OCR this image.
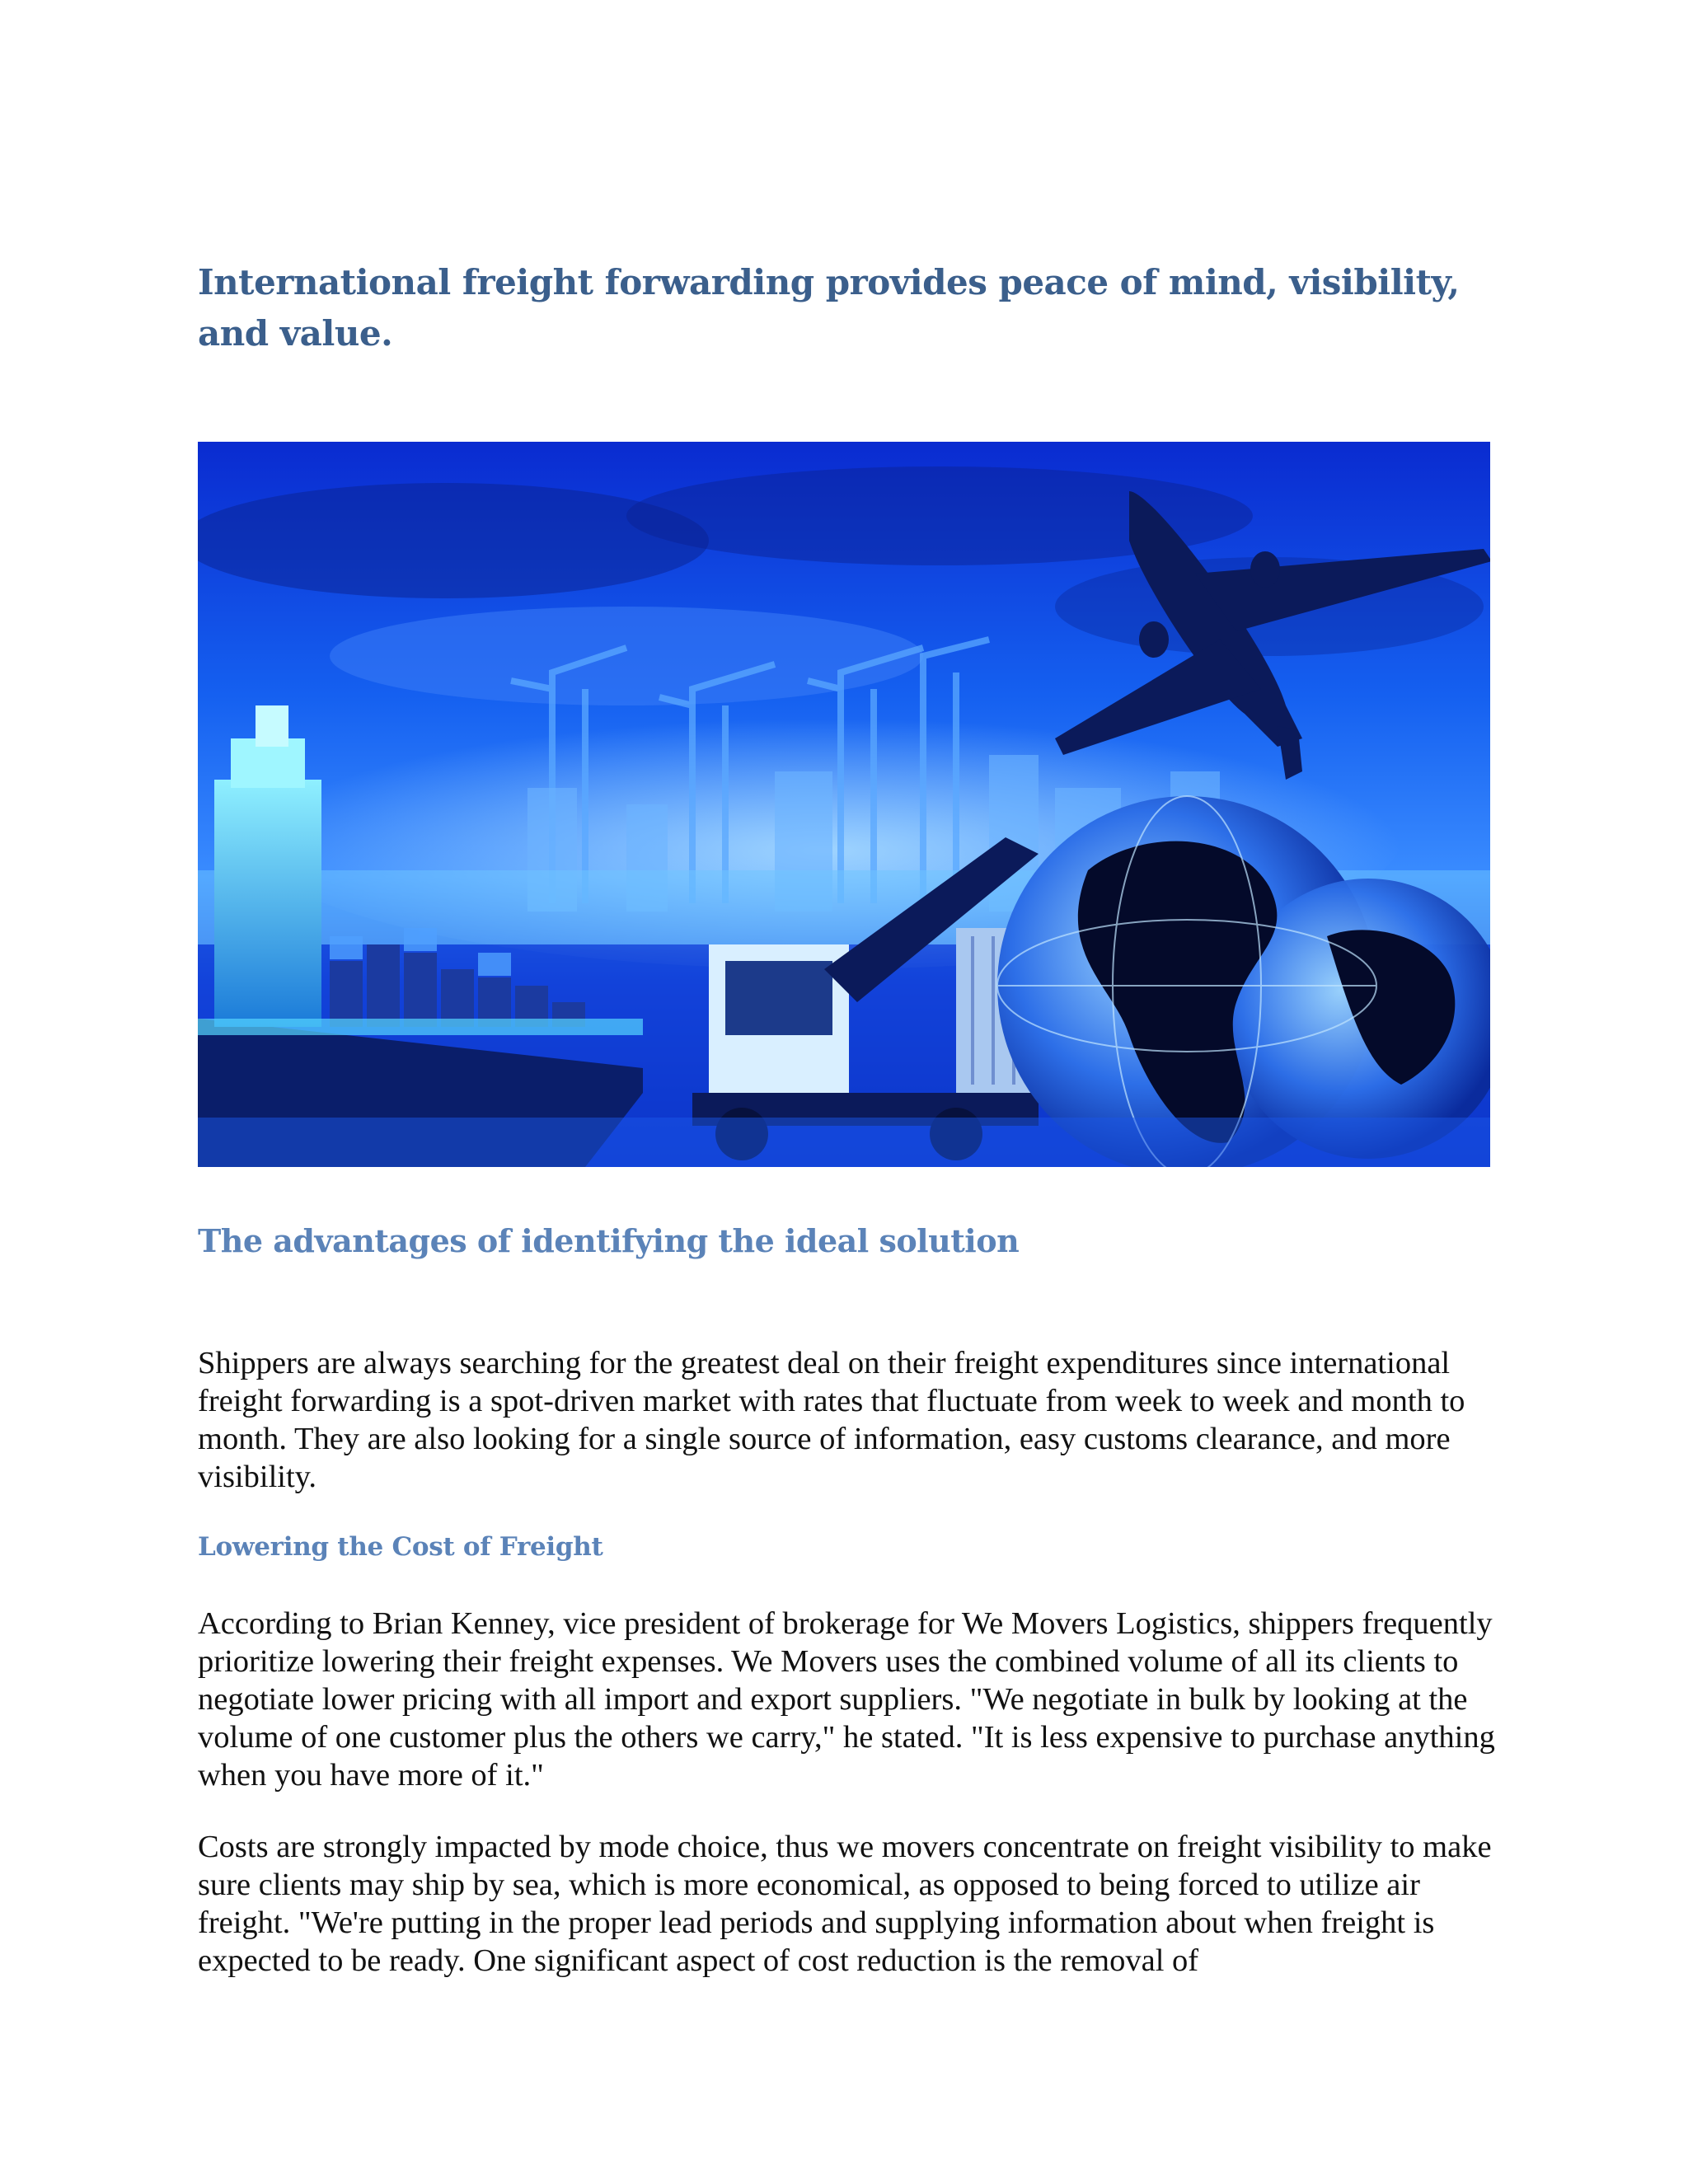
International freight forwarding provides peace of mind, visibility, and value.
The advantages of identifying the ideal solution

Shippers are always searching for the greatest deal on their freight expenditures since international freight forwarding is a spot-driven market with rates that fluctuate from week to week and month to month. They are also looking for a single source of information, easy customs clearance, and more visibility.

Lowering the Cost of Freight

According to Brian Kenney, vice president of brokerage for We Movers Logistics, shippers frequently prioritize lowering their freight expenses. We Movers uses the combined volume of all its clients to negotiate lower pricing with all import and export suppliers. "We negotiate in bulk by looking at the volume of one customer plus the others we carry," he stated. "It is less expensive to purchase anything when you have more of it."

Costs are strongly impacted by mode choice, thus we movers concentrate on freight visibility to make sure clients may ship by sea, which is more economical, as opposed to being forced to utilize air freight. "We're putting in the proper lead periods and supplying information about when freight is expected to be ready. One significant aspect of cost reduction is the removal of
